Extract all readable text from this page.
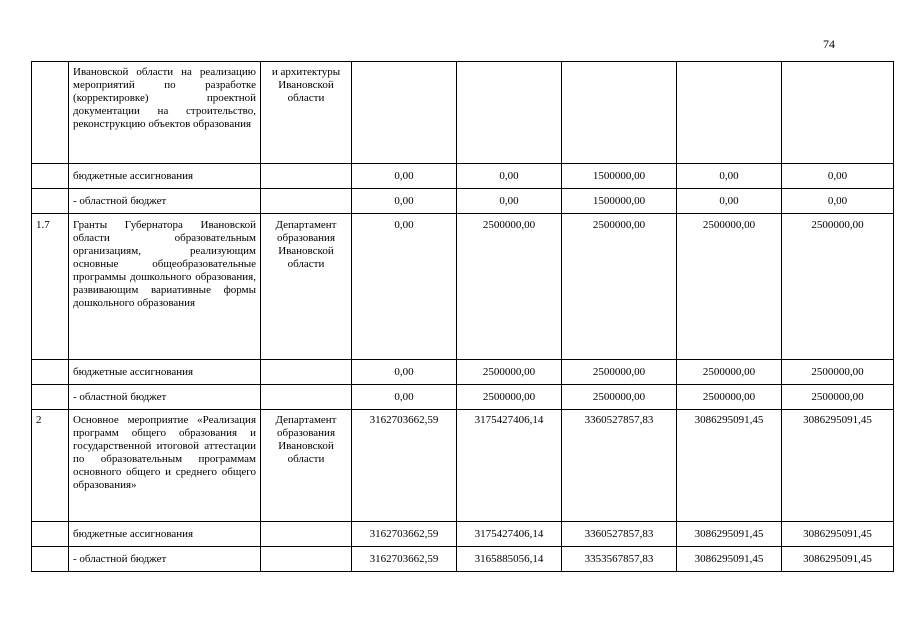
74
	Ивановской области на реализацию мероприятий по разработке (корректировке) проектной документации на строительство, реконструкцию объектов образования	и архитектуры Ивановской области					
	бюджетные ассигнования		0,00	0,00	1500000,00	0,00	0,00
	- областной бюджет		0,00	0,00	1500000,00	0,00	0,00
1.7	Гранты Губернатора Ивановской области образовательным организациям, реализующим основные общеобразовательные программы дошкольного образования, развивающим вариативные формы дошкольного образования	Департамент образования Ивановской области	0,00	2500000,00	2500000,00	2500000,00	2500000,00
	бюджетные ассигнования		0,00	2500000,00	2500000,00	2500000,00	2500000,00
	- областной бюджет		0,00	2500000,00	2500000,00	2500000,00	2500000,00
2	Основное мероприятие «Реализация программ общего образования и государственной итоговой аттестации по образовательным программам основного общего и среднего общего образования»	Департамент образования Ивановской области	3162703662,59	3175427406,14	3360527857,83	3086295091,45	3086295091,45
	бюджетные ассигнования		3162703662,59	3175427406,14	3360527857,83	3086295091,45	3086295091,45
	- областной бюджет		3162703662,59	3165885056,14	3353567857,83	3086295091,45	3086295091,45
